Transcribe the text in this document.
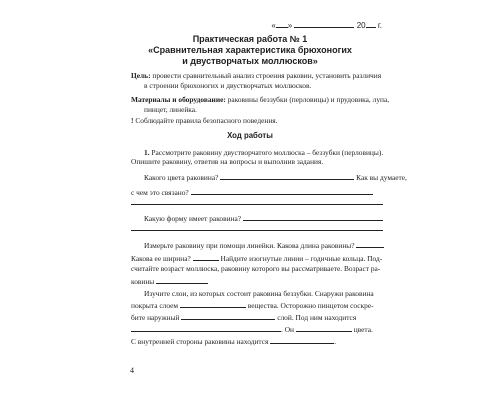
« »	20 г.
Практическая работа № 1
«Сравнительная характеристика брюхоногих
и двустворчатых моллюсков»
Цель: провести сравнительный анализ строения раковин, установить различия
в строении брюхоногих и двустворчатых моллюсков.
Материалы и оборудование: раковины беззубки (перловицы) и прудовика, лупа,
пинцет, линейка.
! Соблюдайте правила безопасного поведения.
Ход работы
1. Рассмотрите раковину двустворчатого моллюска – беззубки (перловицы).
Опишите раковину, ответив на вопросы и выполнив задания.
Какого цвета раковина?	Как вы думаете,
с чем это связано?
Какую форму имеет раковина?
Измерьте раковину при помощи линейки. Какова длина раковины?
Какова ее ширина?	Найдите изогнутые линии – годичные кольца. Под-
считайте возраст моллюска, раковину которого вы рассматриваете. Возраст ра-
ковины
Изучите слои, из которых состоит раковина беззубки. Снаружи раковина
покрыта слоем	вещества. Осторожно пинцетом соскре-
бите наружный	слой. Под ним находится
. Он	цвета.
С внутренней стороны раковины находится	.
4
